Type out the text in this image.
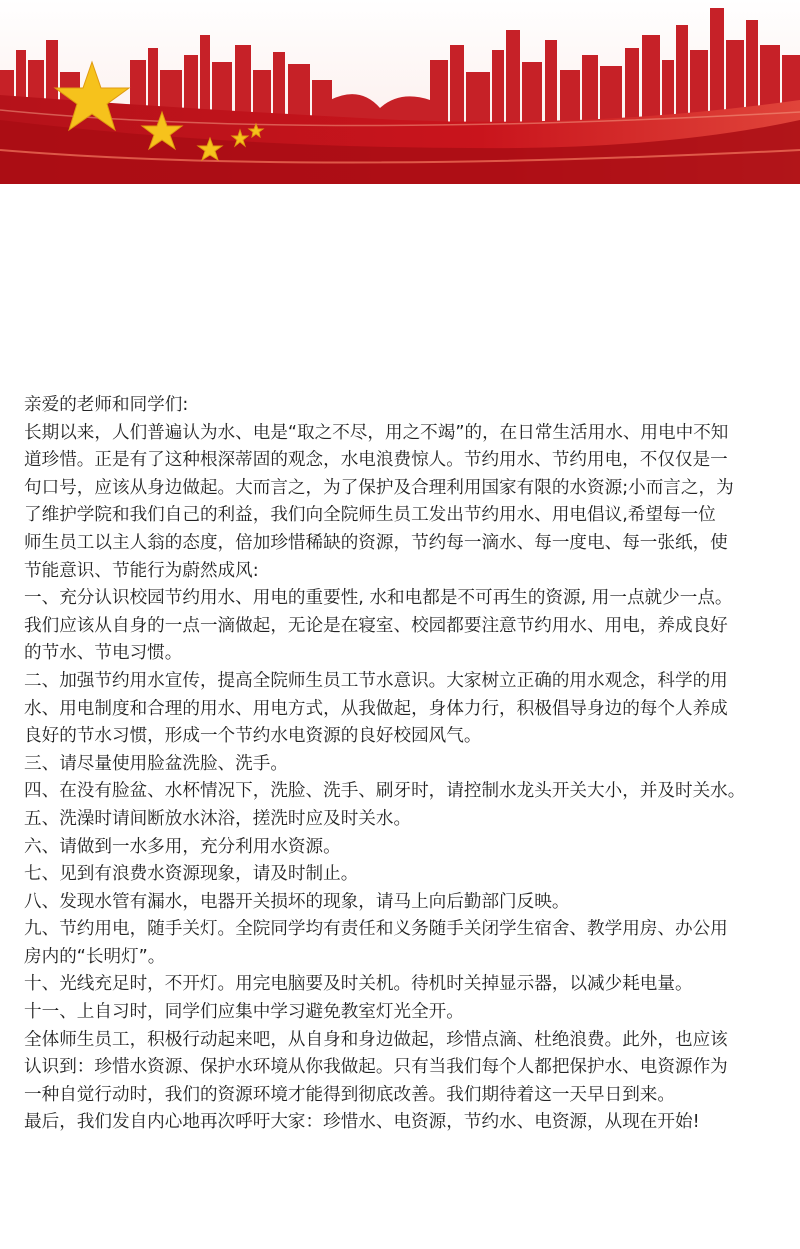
亲爱的老师和同学们:
长期以来，人们普遍认为水、电是“取之不尽，用之不竭”的，在日常生活用水、用电中不知
道珍惜。正是有了这种根深蒂固的观念，水电浪费惊人。节约用水、节约用电，不仅仅是一
句口号，应该从身边做起。大而言之，为了保护及合理利用国家有限的水资源;小而言之，为
了维护学院和我们自己的利益，我们向全院师生员工发出节约用水、用电倡议,希望每一位
师生员工以主人翁的态度，倍加珍惜稀缺的资源，节约每一滴水、每一度电、每一张纸，使
节能意识、节能行为蔚然成风:
一、充分认识校园节约用水、用电的重要性, 水和电都是不可再生的资源, 用一点就少一点。
我们应该从自身的一点一滴做起，无论是在寝室、校园都要注意节约用水、用电，养成良好
的节水、节电习惯。
二、加强节约用水宣传，提高全院师生员工节水意识。大家树立正确的用水观念，科学的用
水、用电制度和合理的用水、用电方式，从我做起，身体力行，积极倡导身边的每个人养成
良好的节水习惯，形成一个节约水电资源的良好校园风气。
三、请尽量使用脸盆洗脸、洗手。
四、在没有脸盆、水杯情况下，洗脸、洗手、刷牙时，请控制水龙头开关大小，并及时关水。
五、洗澡时请间断放水沐浴，搓洗时应及时关水。
六、请做到一水多用，充分利用水资源。
七、见到有浪费水资源现象，请及时制止。
八、发现水管有漏水，电器开关损坏的现象，请马上向后勤部门反映。
九、节约用电，随手关灯。全院同学均有责任和义务随手关闭学生宿舍、教学用房、办公用
房内的“长明灯”。
十、光线充足时，不开灯。用完电脑要及时关机。待机时关掉显示器，以减少耗电量。
十一、上自习时，同学们应集中学习避免教室灯光全开。
全体师生员工，积极行动起来吧，从自身和身边做起，珍惜点滴、杜绝浪费。此外，也应该
认识到：珍惜水资源、保护水环境从你我做起。只有当我们每个人都把保护水、电资源作为
一种自觉行动时，我们的资源环境才能得到彻底改善。我们期待着这一天早日到来。
最后，我们发自内心地再次呼吁大家：珍惜水、电资源，节约水、电资源，从现在开始!
